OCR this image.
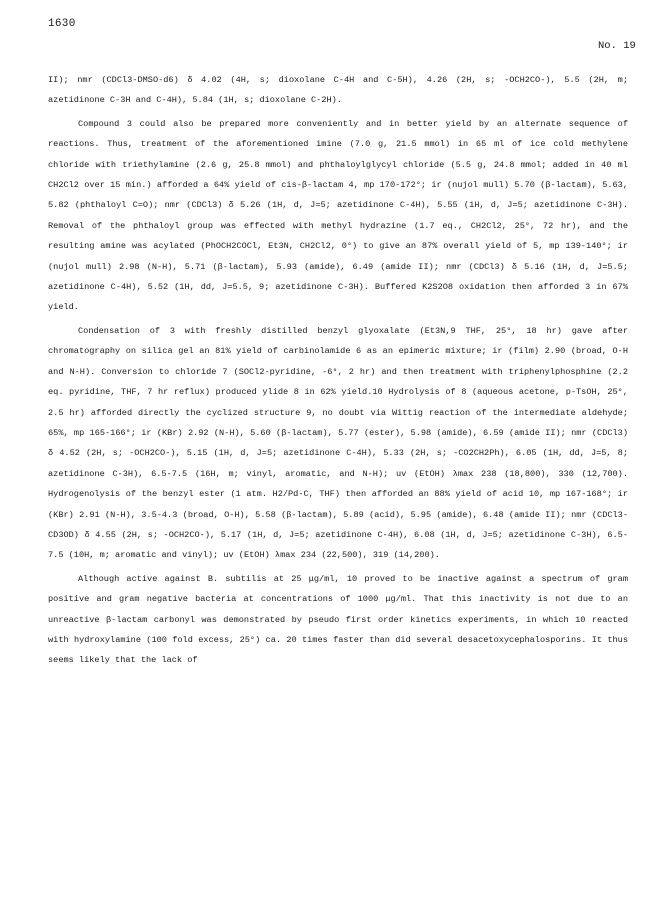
1630
No. 19

II); nmr (CDCl3-DMSO-d6) δ 4.02 (4H, s; dioxolane C-4H and C-5H), 4.26 (2H, s; -OCH2CO-), 5.5 (2H, m; azetidinone C-3H and C-4H), 5.84 (1H, s; dioxolane C-2H).

Compound 3 could also be prepared more conveniently and in better yield by an alternate sequence of reactions. Thus, treatment of the aforementioned imine (7.0 g, 21.5 mmol) in 65 ml of ice cold methylene chloride with triethylamine (2.6 g, 25.8 mmol) and phthaloylglycyl chloride (5.5 g, 24.8 mmol; added in 40 ml CH2Cl2 over 15 min.) afforded a 64% yield of cis-β-lactam 4, mp 170-172°; ir (nujol mull) 5.70 (β-lactam), 5.63, 5.82 (phthaloyl C=O); nmr (CDCl3) δ 5.26 (1H, d, J=5; azetidinone C-4H), 5.55 (1H, d, J=5; azetidinone C-3H). Removal of the phthaloyl group was effected with methyl hydrazine (1.7 eq., CH2Cl2, 25°, 72 hr), and the resulting amine was acylated (PhOCH2COCl, Et3N, CH2Cl2, 0°) to give an 87% overall yield of 5, mp 139-140°; ir (nujol mull) 2.98 (N-H), 5.71 (β-lactam), 5.93 (amide), 6.49 (amide II); nmr (CDCl3) δ 5.16 (1H, d, J=5.5; azetidinone C-4H), 5.52 (1H, dd, J=5.5, 9; azetidinone C-3H). Buffered K2S2O8 oxidation then afforded 3 in 67% yield.

Condensation of 3 with freshly distilled benzyl glyoxalate (Et3N,9 THF, 25°, 18 hr) gave after chromatography on silica gel an 81% yield of carbinolamide 6 as an epimeric mixture; ir (film) 2.90 (broad, O-H and N-H). Conversion to chloride 7 (SOCl2-pyridine, -6°, 2 hr) and then treatment with triphenylphosphine (2.2 eq. pyridine, THF, 7 hr reflux) produced ylide 8 in 62% yield.10 Hydrolysis of 8 (aqueous acetone, p-TsOH, 25°, 2.5 hr) afforded directly the cyclized structure 9, no doubt via Wittig reaction of the intermediate aldehyde; 65%, mp 165-166°; ir (KBr) 2.92 (N-H), 5.60 (β-lactam), 5.77 (ester), 5.98 (amide), 6.59 (amide II); nmr (CDCl3) δ 4.52 (2H, s; -OCH2CO-), 5.15 (1H, d, J=5; azetidinone C-4H), 5.33 (2H, s; -CO2CH2Ph), 6.05 (1H, dd, J=5, 8; azetidinone C-3H), 6.5-7.5 (16H, m; vinyl, aromatic, and N-H); uv (EtOH) λmax 238 (18,800), 330 (12,700). Hydrogenolysis of the benzyl ester (1 atm. H2/Pd-C, THF) then afforded an 88% yield of acid 10, mp 167-168°; ir (KBr) 2.91 (N-H), 3.5-4.3 (broad, O-H), 5.58 (β-lactam), 5.89 (acid), 5.95 (amide), 6.48 (amide II); nmr (CDCl3-CD3OD) δ 4.55 (2H, s; -OCH2CO-), 5.17 (1H, d, J=5; azetidinone C-4H), 6.08 (1H, d, J=5; azetidinone C-3H), 6.5-7.5 (10H, m; aromatic and vinyl); uv (EtOH) λmax 234 (22,500), 319 (14,200).

Although active against B. subtilis at 25 μg/ml, 10 proved to be inactive against a spectrum of gram positive and gram negative bacteria at concentrations of 1000 μg/ml. That this inactivity is not due to an unreactive β-lactam carbonyl was demonstrated by pseudo first order kinetics experiments, in which 10 reacted with hydroxylamine (100 fold excess, 25°) ca. 20 times faster than did several desacetoxycephalosporins. It thus seems likely that the lack of
